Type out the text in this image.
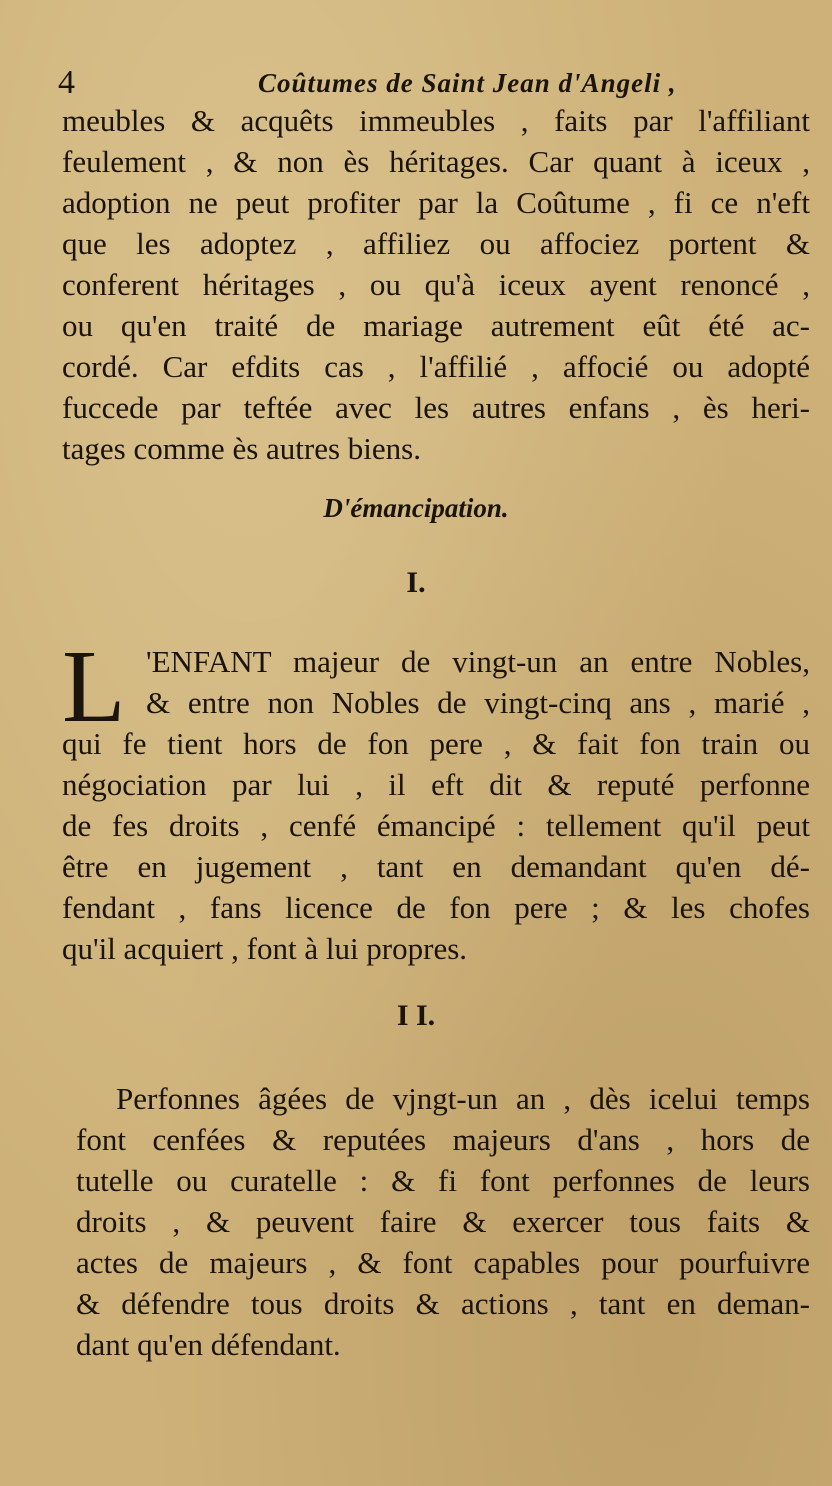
4	Coûtumes de Saint Jean d'Angeli ,
meubles & acquêts immeubles , faits par l'affiliant
feulement , & non ès héritages. Car quant à iceux ,
adoption ne peut profiter par la Coûtume , fi ce n'eft
que les adoptez , affiliez ou affociez portent &
conferent héritages , ou qu'à iceux ayent renoncé ,
ou qu'en traité de mariage autrement eût été ac-
cordé. Car efdits cas , l'affilié , affocié ou adopté
fuccede par teftée avec les autres enfans , ès heri-
tages comme ès autres biens.
D'émancipation.
I.
L 'ENFANT majeur de vingt-un an entre Nobles,
& entre non Nobles de vingt-cinq ans , marié ,
qui fe tient hors de fon pere , & fait fon train ou
négociation par lui , il eft dit & reputé perfonne
de fes droits , cenfé émancipé : tellement qu'il peut
être en jugement , tant en demandant qu'en dé-
fendant , fans licence de fon pere ; & les chofes
qu'il acquiert , font à lui propres.
I I.
Perfonnes âgées de vjngt-un an , dès icelui temps
font cenfées & reputées majeurs d'ans , hors de
tutelle ou curatelle : & fi font perfonnes de leurs
droits , & peuvent faire & exercer tous faits &
actes de majeurs , & font capables pour pourfuivre
& défendre tous droits & actions , tant en deman-
dant qu'en défendant.
